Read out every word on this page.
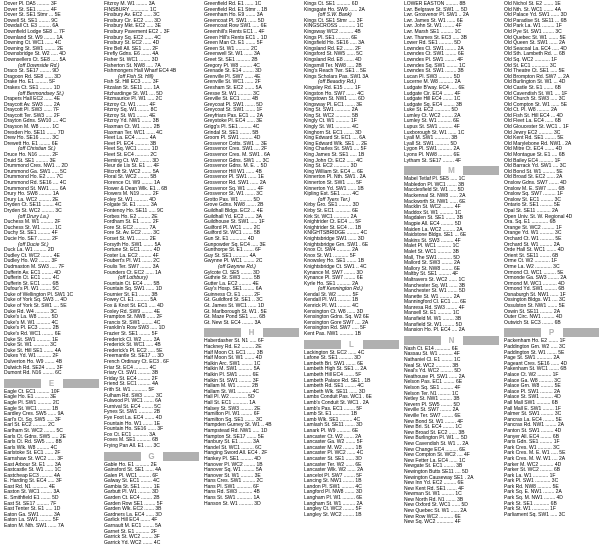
Dover Pl. DA5 ......... 3F
Dover St. SE1 ......... 4F
Dover St. SE1 Stmr ... 5E
Dowell St. SE1 ........ 9C
Dowdall Ct. E3 ......... 6A
Downfield Lodge SE8 ... 7F
Downland St. W9 ........ 1A
Downing Ct. WC1 ...... 4C
Downing St. SW1 ........ 2E
Downsbridge St. W2 ..... 4D
Downsellers Ct. SE8 ..... 5A
(off Downside Rd.)
Draco St. SE17 ........ 9D
Dragoon Rd. SE8 ...... 3D
Drake Ho. E1 ......... 5F
Drakes Ct. SE1 ......... 1D
(off Bermondsey St.)
Drapers Hall EC2 ...... 4E
Draycott Av. SW3 ...... 2A
Draycott Pl. SW3 ...... 7F
Draycott Ter. SW3 ..... 2F
Drayton Gdns. SW10 .... 4C
Drayson M. W8 ........ 1C
Dresden Ho. SE11 ....... 7D
Drew Ho. SE16 ........ 3C
Drewett Ho. E1 ........ 6E
(off Christian St.)
Druce Ho. N16 ......... 2F
Druid St. SE1 ......... 3E
Drummond Cres. NW1 ... 2D
Drummond Ga. SW1 ..... 5C
Drummond Ho. E2 ...... 7C
Drummond Rd. SE16 .... 4C
Drummond St. NW1 ...... 6A
Drury Ho. SW8 ......... 1A
Drury La. WC2 ......... 2E
Dryden Ct. SE11 ........ 4C
Dryden St. WC2 ......... 3C
(off Drury La.)
Duchess M. W1 ......... 2F
Duchess St. W1 ......... 1C
Duchy St. SE1 ......... 4F
Ducie Ho. SE7 ......... 2F
(off Ducie St.)
Duck La. W1 ......... 2D
Dudley Ct. WC2 ........ 4E
Dudley Ho. W2 ........ 3F
Dudmaston M. SW3 ..... 7F
Dufferin Av. EC1 ........ 4D
Dufferin Ct. EC1 ....... 4C
Dufferin St. EC1 ....... 6B
Dufour's Pl. W1 ........ 5C
Duke of Wellington Pl. SW1 1C
Duke of York Sq. SW3 ... 4D
Duke of York St. SW1 .... 5E
Duke Rd. W4 .......... 3C
Duke's La. W8 ......... 5D
Duke's M. W1 .......... 4C
Duke's Pl. EC3 ......... 2B
Duke's Rd. WC1 ........ 6E
Duke St. SW1 .......... 1E
Duke St. W1 ........... 3C
Duke St. Hill SE1 ....... 4A
Dukes Yd. W1 .......... 2F
Dulverton Ho. W9 ....... 4B
Dulwich Rd. SE24 ....... 3F
Dumont Rd. N16 ........ 6C
E
Eagle Ct. EC1 ......... 10F
Eagle Ho. E1 .......... 3E
Eagle Pl. SW1 .......... 2C
Eagle St. WC1 ......... 1B
Eardley Cres. SW5 ...... 9A
Earl's Ct. Sq. SW5 ..... 3F
Earl St. EC2 .......... 2C
Earlham St. WC2 ........ 5C
Earls Ct. Gdns. SW5 ..... 2E
Earls Ct. Rd. SW5 ...... 8B
Earls Wlk. W8 ......... 4C
Earlstoke St. EC1 ...... 2F
Earnshaw St. WC2 ...... 3F
East Arbour St. E1 ..... 3A
Eastcastle St. W1 ...... 1C
Eastcheap EC3 ......... 4A
E. Harding St. EC4 ..... 3F
East Rd. N1 ........... 4E
Easton St. WC1 ........ 3A
E. Smithfield E1 ....... 5D
East St. SE17 ......... 7F
East Tenter St. E1 ..... 1D
Eaton Ga. SW1 ......... 3A
Eaton La. SW1 ......... 5F
Eaton M. Nth. SW1 ...... 7A
Fitzroy M. W1 ........ 3A
FINSBURY ............. 1C
Finsbury Av. EC2 ...... 3C
Finsbury Cir. EC2 ...... 3D
Finsbury Mkt. EC2 ..... 3E
Finsbury Pavement EC2 .. 3F
Finsbury Sq. EC2 ...... 4C
Finsbury St. EC2 ...... 4D
Fire Bell All. SE1 ...... 2F
Firefly Gdns. E6 ....... 4A
Fisher St. WC1 ........ 3D
Fisherton St. NW8 ..... 7A
Fishmongers Hall Wharf EC4 4B
(off Fish St. Hill)
Fish St. Hill EC3 ....... 3F
Fitzalan St. SE11 ...... 1A
Fitzhardinge St. W1 .... 5D
Fitzmaurice Pl. W1 ..... 2C
Fitzroy Ct. W1 ........ 4F
Fitzroy Sq. W1 ........ 8C
Fitzroy St. W1 ........ 4E
Fitzroy Yd. NW1 ....... 3B
Flaxman Ct. W1 ........ 2B
Flaxman Ter. WC1 ...... 4C
Fleet La. EC4 ......... 4A
Fleet Pl. EC4 .......... 3B
Fleet Sq. WC1 ......... 1D
Fleet St. EC4 .......... 2C
Fleming Ct. W2 ........ 3D
Fleur de Lis St. E1 .... 4F
Flitcroft St. WC2 ....... 5A
Floral St. WC2 ........ 5B
Florence Ct. W9 ........ 1A
Flower & Dean Wlk. E1 .. 6B
Flowers M. N19 ........ 2F
Foley St. W1 .......... 4D
Folgate St. E1 ......... 3A
Fontenoy Ho. SE11 ..... 9C
Forbes Ho. E2 ......... 2E
Fordham St. E1 ........ 2F
Fore St. EC2 .......... 7A
Fore St. Av. EC2 ....... 3C
Forset St. W1 ......... 2E
Forsyth Ho. SW1 ....... 5A
Fortune St. EC1 ........ 4D
Foster La. EC2 ......... 4F
Foubert's Pl. W1 ....... 2C
Foulis Ter. SW7 ........ 3A
Founders Ct. EC2 ...... 1A
(off Lothbury)
Fountain Ct. EC4 ...... 5B
Fountain Sq. SW1 ...... 1D
Fournier St. E1 ........ 3B
Fowey Cl. E1 .......... 5A
Fox & Knot St. EC1 ..... 4D
Foxley Rd. SW9 ........ 4E
Frampton St. NW8 ...... 2F
Francis St. SW1 ........ 4C
Franklin's Row SW3 ..... 1D
Frazier St. SE1 ........ 5F
Frederick Cl. W2 ....... 3A
Frederick St. WC1 ..... 4B
Frederick's Pl. EC2 ..... 5E
Freemantle St. SE17 ... 3D
French Ordinary Ct. EC3 . 6F
Friar St. EC4 .......... 4C
Friary Ct. SW1 ......... 3B
Friday St. EC4 ......... 2F
Friend St. EC1 ......... 4A
Frith St. W1 ........... 5F
Fulham Rd. SW3 ........ 3C
Fulwood Pl. WC1 ....... 6A
Furnival St. EC4 ........ 5C
Fynes St. SW1 .......... 2B
Fye Foot La. EC4 ....... 4D
Fountain Ho. W1 ....... 1E
Fountain Ho. SE16 ...... 3F
Fox Ct. EC1 ........... 3A
Foxes M. SE1 .......... 6B
Frying Pan All. E1 ..... 3C
G
Gable Ho. E1 .......... 2E
Gainsford St. SE1 ...... 4A
Galen Pl. WC1 ......... 6F
Galway St. EC1 ........ 4C
Gambia St. SE1 ........ 1E
Garbutt Pl. W1 ......... 3D
Garden Ct. EC4 ........ 2B
Garden Row SE1 ........ 5F
Garden Wlk. EC2 ....... 3B
Gardners La. EC4 ...... 3D
Garlick Hill EC4 ....... 4F
Garnault M. EC1 ........ 5A
Garnet St. E1 .......... 2F
Garrick St. WC2 ........ 3F
Garrick Yd. WC2 ....... 4C
Greenfield Rd. E1 ...... 1C
Greenfield Rd. E1 Stmr .. 1B
Greenham Ho. E9 ....... 3A
Greencoat Pl. SW1 ...... 5D
Greencoat Row SW1 ..... 6E
Greenhill's Rents EC1 .. 4F
Green Hill's Rents EC1 .. 1D
Green Man Ct. E1 ....... 5F
Green St. W1 .......... 2C
Greenwell St. W1 ...... 3A
Greet St. SE1 .......... 2B
Gregory Pl. W8 ......... 4C
Grenade St. E14 ........ 3D
Grenville Pl. SW7 ...... 4E
Grenville St. WC1 ...... 2F
Gresham St. EC2 ....... 5A
Gresse St. W1 .......... 3C
Greville St. EC1 ....... 4B
Greycoat Pl. SW1 ....... 5D
Greycoat St. SW1 ....... 1F
Greyfriars Pas. EC1 .... 2A
Greystoke Pl. EC4 ...... 3E
Grigg's Pl. SE1 ......... 4C
Grindal St. SE1 ........ 5B
Groom Pl. SW1 ......... 4D
Grosvenor Cotts. SW1 ... 3E
Grosvenor Cres. SW1 .... 2F
Grosvenor Cres. M. SW1 . 6A
Grosvenor Gdns. SW1 .... 3C
Grosvenor Gdns. M. E. .. 5D
Grosvenor Hill W1 ...... 4B
Grosvenor Pl. SW1 ...... 1E
Grosvenor Rd. SW1 ...... 2A
Grosvenor Sq. W1 ....... 4F
Grosvenor St. W1 ....... 3C
Grotto Pas. W1 ......... 5D
Grove Gdns. NW8 ....... 2B
Guildhall Bldgs. EC2 ... 4E
Guildhall Yd. EC2 ....... 3A
Guildhouse St. SW1 ..... 1F
Guilford Pl. WC1 ....... 2C
Guilford St. WC1 ....... 5B
Gun St. E1 ............ 4D
Gunpowder Sq. EC4 ..... 3E
Gunthorpe St. E1 ....... 6F
Guy St. SE1 ........... 4A
Gwynne Pl. WC1 ........ 2C
(off Gwynne Rd.)
Gylcote Cl. SE5 ........ 3D
Guthrie St. SW3 ........ 5B
Gutter La. EC2 ......... 4E
Guy's Hosp. SE1 ........ 6A
Guinness Ct. E1 ........ 2F
Gt. Guildford St. SE1 .. 3C
Gt. James St. WC1 ...... 1D
Gt. Marlborough St. W1 . 5E
Gt. Maze Pond SE1 ...... 6B
Gt. New St. EC4 ........ 3A
H
Haberdasher St. N1 ..... 6F
Hackney Rd. E2 ......... 2E
Half Moon Ct. EC1 ...... 3B
Half Moon St. W1 ....... 4D
Halkin Arc. SW1 ........ 1C
Halkin M. SW1 .......... 5A
Halkin Pl. SW1 ......... 6E
Halkin St. SW1 ......... 3F
Hallam M. W1 .......... 2B
Hallam St. W1 .......... 4C
Hall Pl. W2 ............ 5D
Hall St. EC1 ........... 1A
Halsey St. SW3 ......... 2E
Hamilton Pl. W1 ........ 6F
Hamilton Sq. SE1 ....... 3C
Hampden Gurney St. W1 .. 4B
Hampstead Rd. NW1 ..... 1D
Hampton St. SE17 ....... 5E
Hanbury St. E1 ......... 3A
Handel St. WC1 ......... 6C
Hanging Sword All. EC4 . 2F
Hankey Pl. SE1 ......... 4D
Hanover Pl. WC2 ........ 1B
Hanover Sq. W1 ......... 5A
Hanover St. W1 ......... 3E
Hans Cres. SW1 ......... 2C
Hans Pl. SW1 ........... 6F
Hans Rd. SW3 .......... 4B
Hans St. SW1 ........... 1A
Hanson St. W1 .......... 3D
Kings Ct. SE1 .......... 6D
Kingsgate Ho. SW9 ...... 2A
(off S.W. Bank)
Kings Ct. SE1 Stmr ..... 3F
KINGSCROSS ............ 1C
Kingsway WC2 .......... 4B
Kings Pl. SE1 .......... 6E
Kingsfield Ho. SE16 ..... 3A
Kingsland Rd. E2 ....... 2F
Kingsford St. NW5 ...... 5C
Kingsland Rd. E8 ....... 4D
Kingsmill Ter. NW8 ..... 2B
King's Reach Twr. SE1 .. 5E
Kings Scholars Pas. SW1 3A
(off Beaudry Rd.)
Kingsley Rd. E15 ....... 1F
Kingston Ho. SW7 ....... 4C
Kingstown St. NW1 ...... 6D
Kingsway Pl. EC1 ....... 3E
King St. SW1 ........... 2A
King St. WC2 ........... 5B
Kingly Ct. W1 .......... 1F
Kingly St. W1 ........... 4C
Kinghorn St. EC1 ....... 3D
King Edward St. EC1 .... 6A
King Edward Wlk. SE1 ... 2E
King Charles St. SW1 .... 5F
King James St. SE1 ..... 1B
King John Ct. EC2 ...... 4C
King St. EC2 ........... 3D
King William St. EC4 ... 6E
Kinnerton Pl. Nth. SW1 . 2A
Kinnerton St. SW1 ...... 5F
Kinnerton Yd. SW1 ...... 1B
Kipling Est. SE1 ....... 4C
(off Tyers Ter.)
Kirby Gro. SE1 ......... 3D
Kirby St. EC1 ........... 6E
Kirk St. WC1 ........... 2A
Knightrider Ct. EC4 .... 5F
Knightrider St. EC4 .... 1B
KNIGHTSBRIDGE ......... 4C
Knightsbridge SW1 ...... 3D
Knightsbridge Grn. SW1 . 6E
Knox Ct. SW4 .......... 2A
Knox St. W1 ........... 5F
Knowsley Ho. SE1 ....... 1B
Knightsbridge Ct. SW1 .. 4C
Kynance M. SW7 ........ 3D
Kynance Pl. SW7 ........ 6E
Kyrle Ho. SE1 .......... 2A
(off Kennington Rd.)
Kendal St. W2 .......... 5F
Kendall Pl. W1 ......... 1B
Kenrick Pl. W1 ......... 4C
Kensington Ct. W8 ...... 3D
Kensington Gdns. Sq. W2 6E
Kensington Gore SW7 .... 2A
Kensington Rd. SW7 ..... 5F
Kent Pas. NW1 .......... 1B
L
Lackington St. EC2 ...... 4C
Lafone St. SE1 .......... 3D
Lambeth Bri. SW1 ....... 6E
Lambeth High St. SE1 ... 2A
Lambeth Hill EC4 ....... 5F
Lambeth Palace Rd. SE1 . 1B
Lambeth Rd. SE1 ........ 4C
Lambeth Wlk. SE11 ...... 3D
Lambs Conduit Pas. WC1 . 6E
Lamb's Conduit St. WC1 . 2A
Lamb's Pas. EC1 ........ 5F
Lamb St. E1 ............ 1B
Lamb Wlk. SE1 ......... 4C
Lamlash St. SE11 ....... 3D
Lanark Pl. W9 .......... 6E
Lancaster Ct. W2 ....... 2A
Lancaster Ga. W2 ....... 5F
Lancaster M. W2 ........ 1B
Lancaster Pl. WC2 ...... 4C
Lancaster St. SE1 ...... 3D
Lancaster Ter. W2 ...... 6E
Lancaster Wlk. W2 ...... 2A
Lancelot Pl. SW7 ........ 5F
Lancing St. NW1 ........ 1B
Landon Pl. SW1 ......... 4C
Langford Pl. NW8 ....... 3D
Langham Pl. W1 ......... 6E
Langham St. W1 ......... 2A
Langley Ct. WC2 ........ 5F
Langley St. WC2 ........ 1B
LOWER EASTON ......... 8B
Lwr. Belgrave St. SW1 ... 5D
Lwr. Grosvenor Pl. SW1 .. 2A
Lwr. James St. W1 ...... 6E
Lwr. John St. W1 ........ 4F
Lwr. Marsh SE1 ......... 1C
Lwr. Thames St. EC3 ..... 3B
Lower Rd. SE1 .......... 5D
Lowndes Cl. SW1 ........ 2A
Lowndes Ct. SW1 ........ 6E
Lowndes Pl. SW1 ........ 4F
Lowndes Sq. SW1 ........ 1C
Lowndes St. SW1 ........ 3B
Lucan Pl. SW3 .......... 5D
Lucerne M. W8 .......... 2A
Ludgate B'way. EC4 ..... 6E
Ludgate Cir. EC4 ....... 4F
Ludgate Hill EC4 ....... 1C
Ludgate Sq. EC4 ........ 3B
Luke St. EC2 ........... 5D
Lumley Ct. WC2 ........ 2A
Lumley St. W1 .......... 6E
Lupus St. SW1 .......... 4F
Luxborough St. W1 ...... 1C
Lyall M. SW1 ........... 3B
Lyall St. SW1 .......... 5D
Lygon Pl. SW1 .......... 2A
Lyons Pl. NW8 .......... 6E
Lytham St. SE17 ........ 4F
M
Mabel Tetlaf Pl. SE5 ..... 1C
Mabledon Pl. WC1 ....... 3B
Macclesfield St. W1 ..... 5D
Mackennal St. NW8 ...... 2A
Mackworth St. NW1 ...... 6E
Macklin St. WC2 ........ 4F
Maddox St. W1 .......... 1C
Magdalen St. SE1 ....... 3B
Magpie All. EC4 ......... 5D
Maiden La. WC2 ......... 2A
Maidstone Bldgs. SE1 ... 6E
Makins St. SW3 ......... 4F
Malet Pl. WC1 .......... 1C
Malet St. WC1 .......... 3B
Mall, The SW1 .......... 5D
Mallord St. SW3 ........ 2A
Mallory St. NW8 ........ 6E
Maltby St. SE1 ......... 4F
Maltravers St. WC2 ...... 1C
Manchester Sq. W1 ...... 3B
Manchester St. W1 ....... 5D
Manette St. W1 ......... 2A
Manningford Cl. EC1 ..... 6E
Manresa Rd. SW3 ........ 4F
Mansell St. E1 .......... 1C
Mansfield M. W1 ........ 3B
Mansfield St. W1 ........ 5D
Mansion Ho. Pl. EC4 .... 2A
N
Nash Ct. E14 ........... 6E
Nassau St. W1 .......... 4F
Nathaniel Cl. E1 ........ 1C
Neal St. WC2 ........... 3B
Neal's Yd. WC2 ......... 5D
Neathouse Pl. SW1 ...... 2A
Nelson Pas. EC1 ........ 6E
Nelson Sq. SE1 ......... 4F
Nelson Ter. N1 ......... 1C
Netley St. NW1 ......... 3B
Nevern Pl. SW5 ........ 5D
Neville St. SW7 ........ 2A
Neville Ter. SW7 ........ 6E
New Bond St. W1 ........ 4F
New Bri. St. EC4 ........ 1C
New Broad St. EC2 ...... 3B
New Burlington Pl. W1 ... 5D
New Cavendish St. W1 ... 2A
New Change EC4 ......... 6E
New Compton St. WC2 .... 4F
New Fetter La. EC4 ...... 1C
Newgate St. EC1 ........ 3B
Newington Butts SE11 .... 5D
Newington Causeway SE1 . 2A
New Inn Yd. EC2 ......... 6E
New Kent Rd. SE1 ....... 4F
Newman St. W1 ......... 1C
New North Rd. N1 ....... 3B
New Oxford St. WC1 ...... 5D
New Quebec St. W1 ...... 2A
New Row WC2 .......... 6E
New Sq. WC2 ............ 4F
Old Nichol St. E2 ....... 1E
Old Nth. St. WC1 ....... 4A
Old Palace Yd. SW1 ...... 3D
Old Paradise St. SE11 ... 6B
Old Park La. W1 ......... 1F
Old Pye St. SW1 ........ 3C
Old Quebec St. W1 ....... 5E
Old Queen St. SW1 ...... 2A
Old Seacoal La. EC4 ..... 4D
Old Sth. Lambeth Rd. ... 6B
Old Sq. WC2 ........... 1F
Old St. EC1 ............ 3C
Old Theatre Ct. SE1 ..... 5E
Old Brompton Rd. SW7 ... 2A
Old Burlington St. W1 ... 4D
Old Castle St. E1 ....... 6B
Old Cavendish St. W1 .... 1F
Old Church St. SW3 ..... 3C
Old Compton St. W1 ...... 5E
Old Ct. Pl. W8 ......... 2A
Old Fish St. Hill EC4 ... 4D
Old Fleet La. EC4 ...... 6B
Old Gloucester St. WC1 .. 1F
Old Jewry EC2 .......... 3C
Old Kent Rd. SE1 ........ 5E
Old Marylebone Rd. NW1 . 2A
Old Mitre Ct. EC4 ....... 4D
Old Montague St. E1 .... 6B
Old Bailey EC4 .......... 1F
Old Barrack Yd. SW1 .... 3C
Old Bond St. W1 ......... 5E
Old Broad St. EC2 ...... 2A
Onslow Gdns. SW7 ....... 4D
Onslow M. E. SW7 ....... 6B
Onslow Sq. SW7 ......... 1F
Onslow St. EC1 ......... 3C
Ontario St. SE1 ......... 5E
Opal St. SE11 .......... 2A
Open Univ. St. W. Regional 4D
Ora. Sq. E1 ............ 6B
Orange St. WC2 ......... 1F
Orange Yd. W1 .......... 3C
Orchard Ct. W1 .......... 5E
Orchard St. W1 ......... 2A
Orde Hall St. WC1 ....... 4D
Orient St. SE11 ........ 6B
Orme Ct. W2 ........... 1F
Orme La. W2 ............ 3C
Ormond Cl. WC1 ......... 5E
Ormonde Ga. SW3 ........ 2A
Ormond M. WC1 .......... 4D
Ormond Yd. SW1 ......... 6B
Osnaburgh St. NW1 ...... 1F
Ossington Bldgs. W1 .... 3C
Ossulston St. NW1 ....... 5E
Oswin St. SE11 ......... 2A
Outer Circ. NW1 ......... 4D
Outwich St. EC3 ........ 6B
P
Packenham Ho. E2 ....... 1F
Paddington Grn. W2 ..... 3C
Paddington St. W1 ....... 5E
Page St. SW1 ........... 2A
Pageant Cres. SE16 ...... 4D
Pakenham St. WC1 ....... 6B
Palace Ct. W2 .......... 1F
Palace Ga. W8 .......... 3C
Palace Grn. W8 ......... 5E
Palace Pl. SW1 ......... 2A
Palace St. SW1 ......... 4D
Pall Mall SW1 .......... 6B
Pall Mall E. SW1 ........ 1F
Palmer St. SW1 ......... 3C
Pancras La. EC4 ........ 5E
Pancras Rd. NW1 ........ 2A
Panton St. SW1 ......... 4D
Panyer All. EC4 ........ 6B
Paris Gdn. SE1 ......... 1F
Park Cres. W1 .......... 3C
Park Cres. M. E. W1 ..... 5E
Park Cres. M. W. W1 .... 2A
Parker M. WC2 .......... 4D
Parker St. WC2 ......... 6B
Park La. W1 ........... 1F
Park Pl. SW1 ........... 3C
Park Rd. NW8 .......... 5E
Park Sq. E. NW1 ........ 2A
Park Sq. M. NW1 ........ 4D
Park St. SE1 ........... 6B
Park St. W1 ............ 1F
Parliament Sq. SW1 ..... 3C
